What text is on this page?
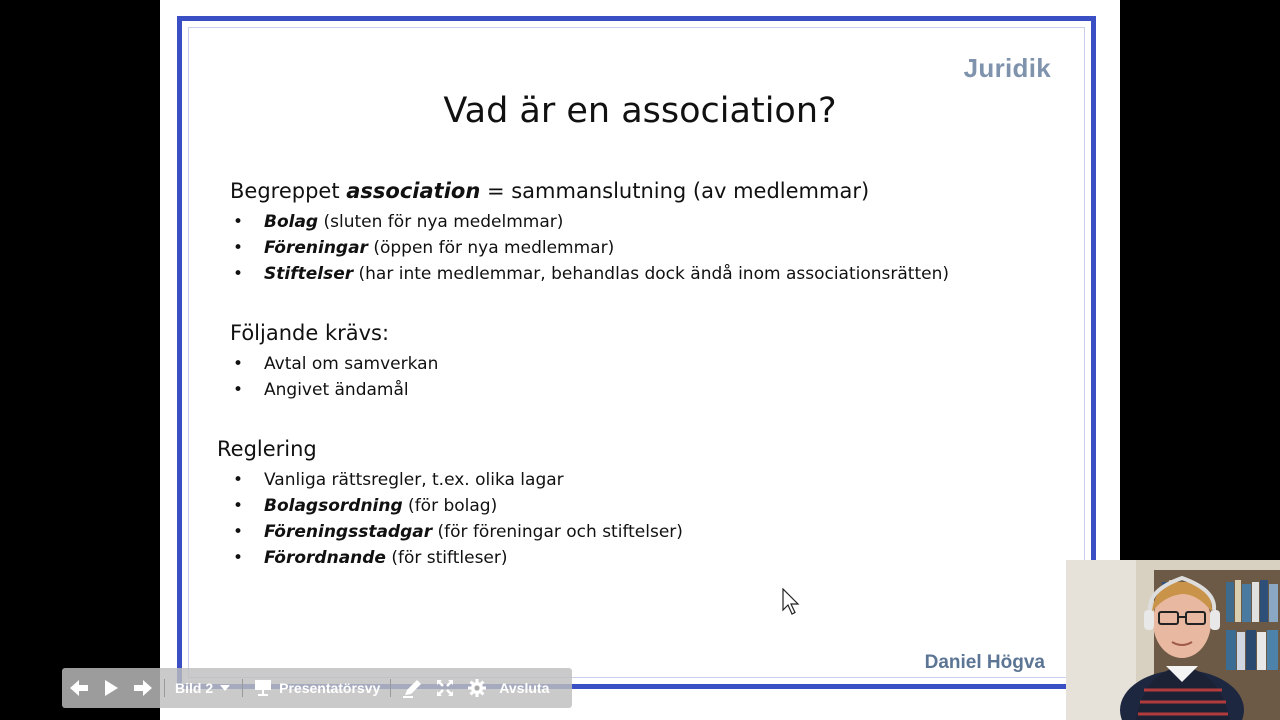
Juridik
Vad är en association?
Begreppet association = sammanslutning (av medlemmar)
• Bolag (sluten för nya medelmmar)
• Föreningar (öppen för nya medlemmar)
• Stiftelser (har inte medlemmar, behandlas dock ändå inom associationsrätten)
Följande krävs:
• Avtal om samverkan
• Angivet ändamål
Reglering
• Vanliga rättsregler, t.ex. olika lagar
• Bolagsordning (för bolag)
• Föreningsstadgar (för föreningar och stiftelser)
• Förordnande (för stiftleser)
Daniel Högva
Bild 2	Presentatörsvy	Avsluta
